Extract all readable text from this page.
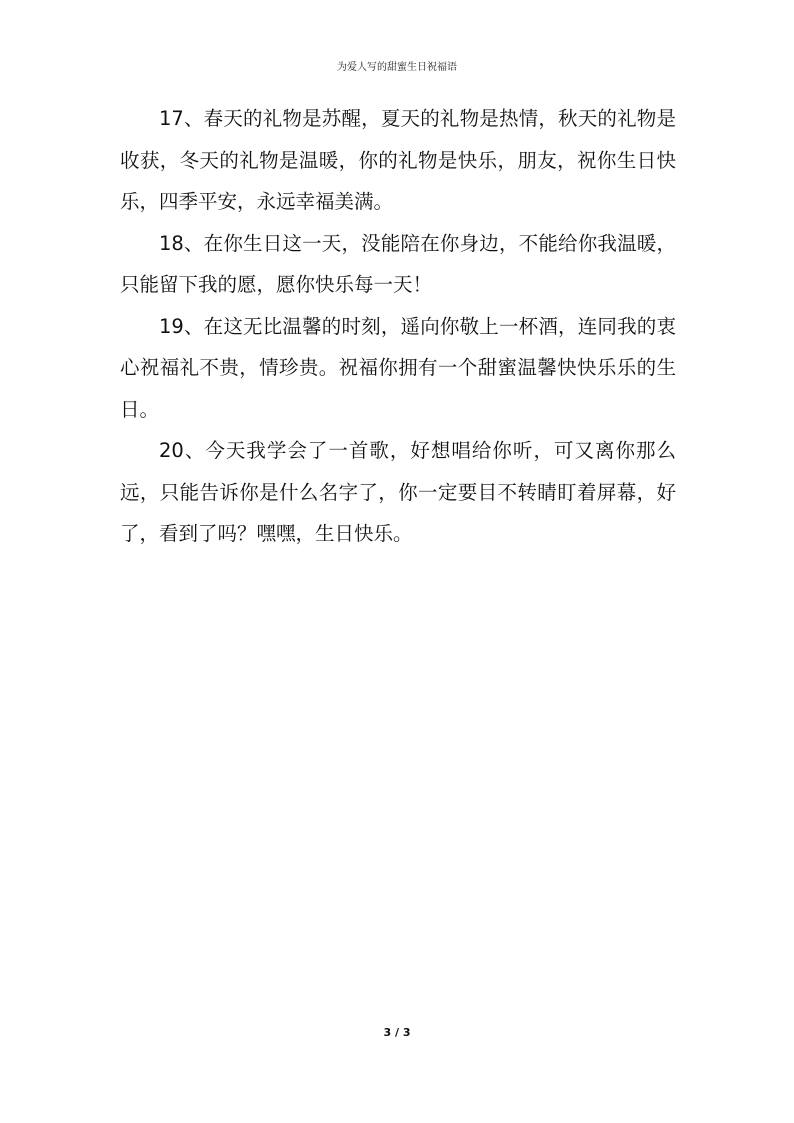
为爱人写的甜蜜生日祝福语

17、春天的礼物是苏醒，夏天的礼物是热情，秋天的礼物是收获，冬天的礼物是温暖，你的礼物是快乐，朋友，祝你生日快乐，四季平安，永远幸福美满。

18、在你生日这一天，没能陪在你身边，不能给你我温暖，只能留下我的愿，愿你快乐每一天！

19、在这无比温馨的时刻，遥向你敬上一杯酒，连同我的衷心祝福礼不贵，情珍贵。祝福你拥有一个甜蜜温馨快快乐乐的生日。

20、今天我学会了一首歌，好想唱给你听，可又离你那么远，只能告诉你是什么名字了，你一定要目不转睛盯着屏幕，好了，看到了吗？嘿嘿，生日快乐。

3 / 3
